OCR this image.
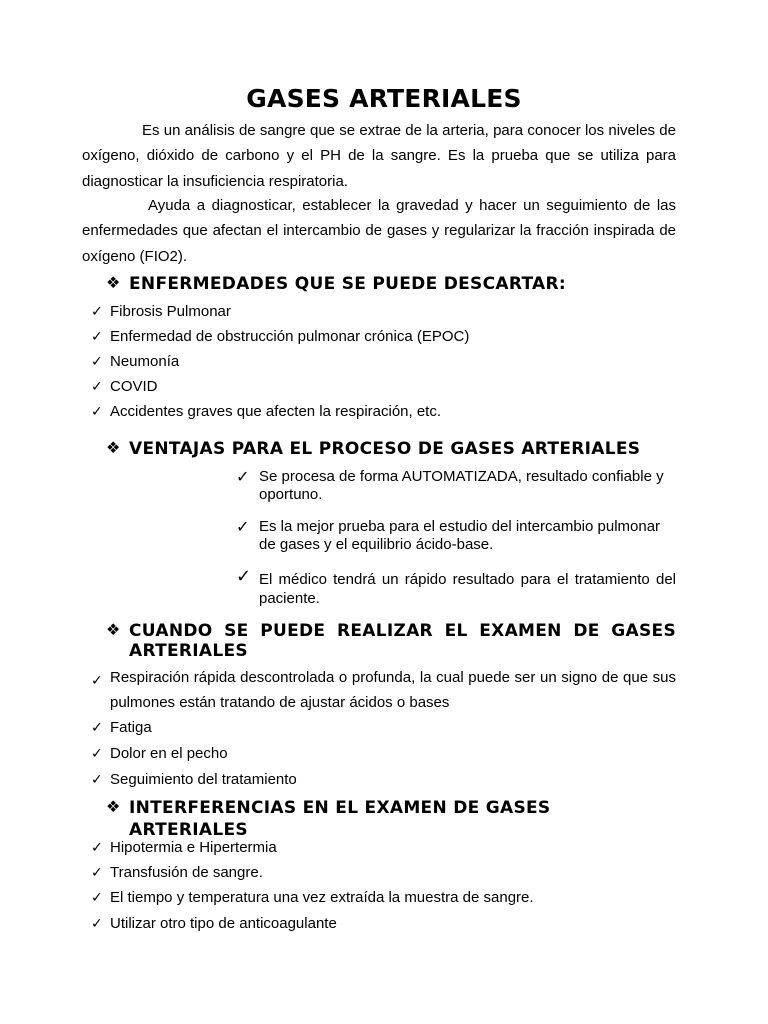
GASES ARTERIALES

Es un análisis de sangre que se extrae de la arteria, para conocer los niveles de oxígeno, dióxido de carbono y el PH de la sangre. Es la prueba que se utiliza para diagnosticar la insuficiencia respiratoria.

Ayuda a diagnosticar, establecer la gravedad y hacer un seguimiento de las enfermedades que afectan el intercambio de gases y regularizar la fracción inspirada de oxígeno (FIO2).

❖ ENFERMEDADES QUE SE PUEDE DESCARTAR:
✓ Fibrosis Pulmonar
✓ Enfermedad de obstrucción pulmonar crónica (EPOC)
✓ Neumonía
✓ COVID
✓ Accidentes graves que afecten la respiración, etc.
❖ VENTAJAS PARA EL PROCESO DE GASES ARTERIALES
✓ Se procesa de forma AUTOMATIZADA, resultado confiable y oportuno.
✓ Es la mejor prueba para el estudio del intercambio pulmonar de gases y el equilibrio ácido-base.
✓ El médico tendrá un rápido resultado para el tratamiento del paciente.
❖ CUANDO SE PUEDE REALIZAR EL EXAMEN DE GASES
ARTERIALES
✓ Respiración rápida descontrolada o profunda, la cual puede ser un signo de que sus pulmones están tratando de ajustar ácidos o bases
✓ Fatiga
✓ Dolor en el pecho
✓ Seguimiento del tratamiento
❖ INTERFERENCIAS EN EL EXAMEN DE GASES
ARTERIALES
✓ Hipotermia e Hipertermia
✓ Transfusión de sangre.
✓ El tiempo y temperatura una vez extraída la muestra de sangre.
✓ Utilizar otro tipo de anticoagulante
